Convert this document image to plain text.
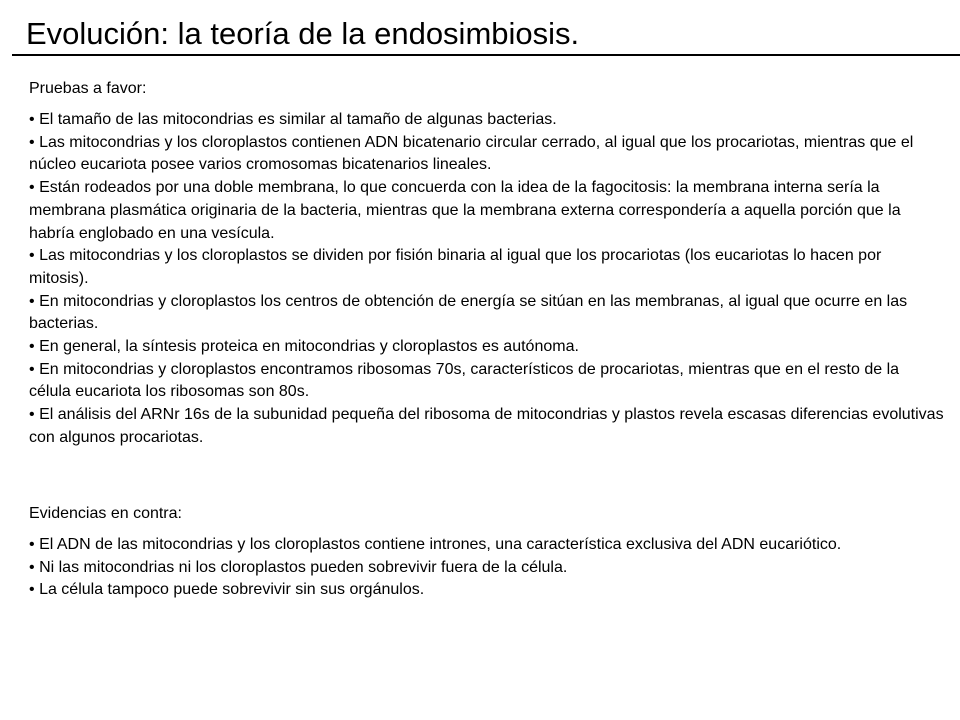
Evolución: la teoría de la endosimbiosis.

Pruebas a favor:

• El tamaño de las mitocondrias es similar al tamaño de algunas bacterias.
• Las mitocondrias y los cloroplastos contienen ADN bicatenario circular cerrado, al igual que los procariotas, mientras que el núcleo eucariota posee varios cromosomas bicatenarios lineales.
• Están rodeados por una doble membrana, lo que concuerda con la idea de la fagocitosis: la membrana interna sería la membrana plasmática originaria de la bacteria, mientras que la membrana externa correspondería a aquella porción que la habría englobado en una vesícula.
• Las mitocondrias y los cloroplastos se dividen por fisión binaria al igual que los procariotas (los eucariotas lo hacen por mitosis).
• En mitocondrias y cloroplastos los centros de obtención de energía se sitúan en las membranas, al igual que ocurre en las bacterias.
• En general, la síntesis proteica en mitocondrias y cloroplastos es autónoma.
• En mitocondrias y cloroplastos encontramos ribosomas 70s, característicos de procariotas, mientras que en el resto de la célula eucariota los ribosomas son 80s.
• El análisis del ARNr 16s de la subunidad pequeña del ribosoma de mitocondrias y plastos revela escasas diferencias evolutivas con algunos procariotas.

Evidencias en contra:

• El ADN de las mitocondrias y los cloroplastos contiene intrones, una característica exclusiva del ADN eucariótico.
• Ni las mitocondrias ni los cloroplastos pueden sobrevivir fuera de la célula.
• La célula tampoco puede sobrevivir sin sus orgánulos.
